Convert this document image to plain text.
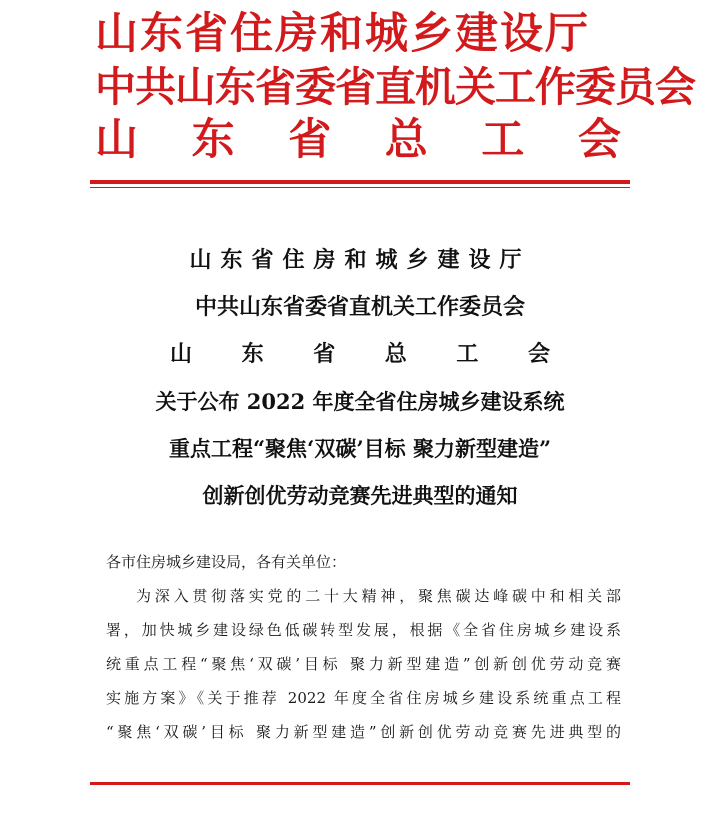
山东省住房和城乡建设厅
中共山东省委省直机关工作委员会
山 东 省 总 工 会
山东省住房和城乡建设厅
中共山东省委省直机关工作委员会
山 东 省 总 工 会
关于公布 2022 年度全省住房城乡建设系统
重点工程“聚焦‘双碳’目标 聚力新型建造”
创新创优劳动竞赛先进典型的通知
各市住房城乡建设局，各有关单位：
为深入贯彻落实党的二十大精神，聚焦碳达峰碳中和相关部
署，加快城乡建设绿色低碳转型发展，根据《全省住房城乡建设系
统重点工程“聚焦‘双碳’目标 聚力新型建造”创新创优劳动竞赛
实施方案》《关于推荐 2022 年度全省住房城乡建设系统重点工程
“聚焦‘双碳’目标 聚力新型建造”创新创优劳动竞赛先进典型的
